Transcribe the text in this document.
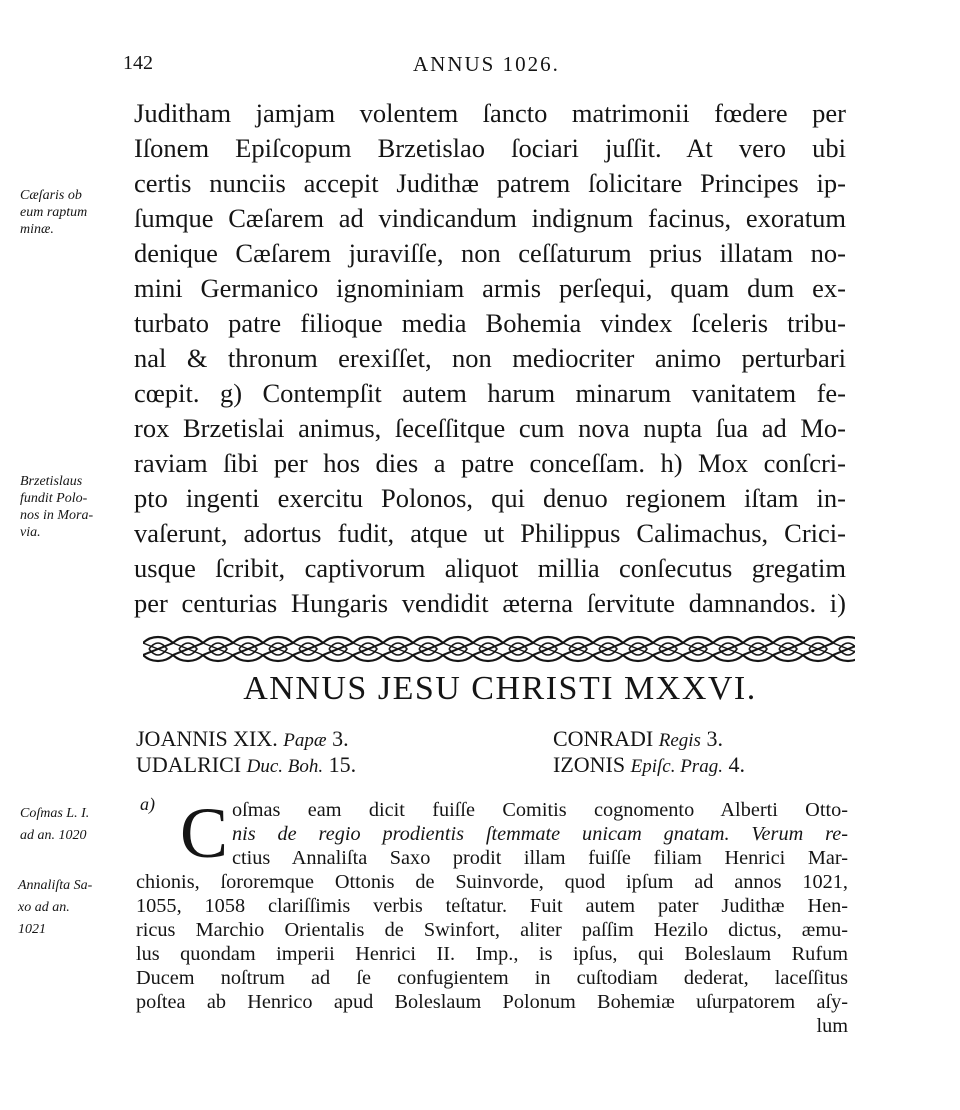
142	ANNUS 1026.
Cæſaris ob
eum raptum
minæ.
Brzetislaus
fundit Polo-
nos in Mora-
via.
Coſmas L. I.
ad an. 1020
Annaliſta Sa-
xo ad an.
1021
Juditham jamjam volentem ſancto matrimonii fœdere per
Iſonem Epiſcopum Brzetislao ſociari juſſit. At vero ubi
certis nunciis accepit Judithæ patrem ſolicitare Principes ip-
ſumque Cæſarem ad vindicandum indignum facinus, exoratum
denique Cæſarem juraviſſe, non ceſſaturum prius illatam no-
mini Germanico ignominiam armis perſequi, quam dum ex-
turbato patre filioque media Bohemia vindex ſceleris tribu-
nal & thronum erexiſſet, non mediocriter animo perturbari
cœpit. g) Contempſit autem harum minarum vanitatem fe-
rox Brzetislai animus, ſeceſſitque cum nova nupta ſua ad Mo-
raviam ſibi per hos dies a patre conceſſam. h) Mox conſcri-
pto ingenti exercitu Polonos, qui denuo regionem iſtam in-
vaſerunt, adortus fudit, atque ut Philippus Calimachus, Crici-
usque ſcribit, captivorum aliquot millia conſecutus gregatim
per centurias Hungaris vendidit æterna ſervitute damnandos. i)
ANNUS JESU CHRISTI MXXVI.
JOANNIS XIX. Papæ 3.
UDALRICI Duc. Boh. 15.
CONRADI Regis 3.
IZONIS Epiſc. Prag. 4.
a) C oſmas eam dicit fuiſſe Comitis cognomento Alberti Otto-
nis de regio prodientis ſtemmate unicam gnatam. Verum re-
ctius Annaliſta Saxo prodit illam fuiſſe filiam Henrici Mar-
chionis, ſororemque Ottonis de Suinvorde, quod ipſum ad annos 1021,
1055, 1058 clariſſimis verbis teſtatur. Fuit autem pater Judithæ Hen-
ricus Marchio Orientalis de Swinfort, aliter paſſim Hezilo dictus, æmu-
lus quondam imperii Henrici II. Imp., is ipſus, qui Boleslaum Rufum
Ducem noſtrum ad ſe confugientem in cuſtodiam dederat, laceſſitus
poſtea ab Henrico apud Boleslaum Polonum Bohemiæ uſurpatorem aſy-
lum
